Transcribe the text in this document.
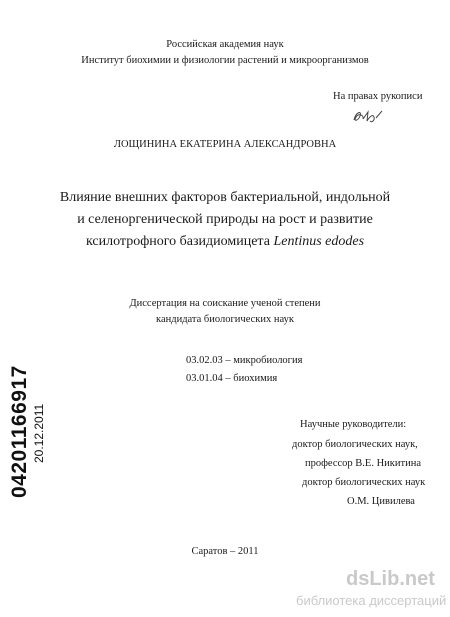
Российская академия наук
Институт биохимии и физиологии растений и микроорганизмов
На правах рукописи
ЛОЩИНИНА ЕКАТЕРИНА АЛЕКСАНДРОВНА
Влияние внешних факторов бактериальной, индольной
и селеноргенической природы на рост и развитие
ксилотрофного базидиомицета Lentinus edodes
Диссертация на соискание ученой степени
кандидата биологических наук
03.02.03 – микробиология
03.01.04 – биохимия
Научные руководители:
доктор биологических наук,
профессор В.Е. Никитина
доктор биологических наук
О.М. Цивилева
Саратов – 2011
04201166917 20.12.2011
dsLib.net
библиотека диссертаций
